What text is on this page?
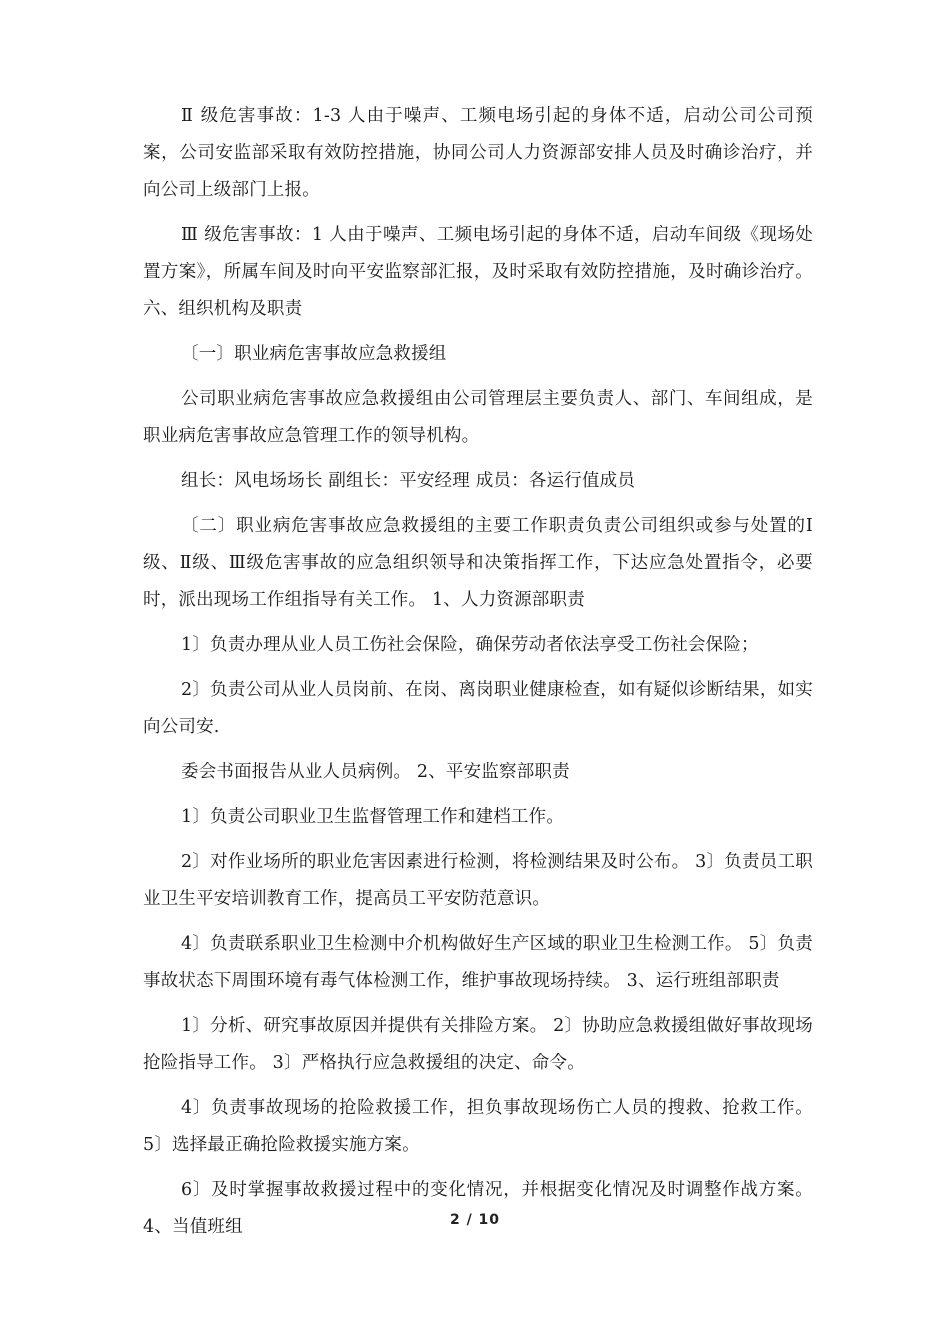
Ⅱ 级危害事故：1-3 人由于噪声、工频电场引起的身体不适，启动公司公司预案，公司安监部采取有效防控措施，协同公司人力资源部安排人员及时确诊治疗，并向公司上级部门上报。

Ⅲ 级危害事故：1 人由于噪声、工频电场引起的身体不适，启动车间级《现场处置方案》，所属车间及时向平安监察部汇报，及时采取有效防控措施，及时确诊治疗。 六、组织机构及职责

〔一〕职业病危害事故应急救援组

公司职业病危害事故应急救援组由公司管理层主要负责人、部门、车间组成，是职业病危害事故应急管理工作的领导机构。

组长：风电场场长 副组长：平安经理 成员：各运行值成员

〔二〕职业病危害事故应急救援组的主要工作职责负责公司组织或参与处置的Ⅰ级、Ⅱ级、Ⅲ级危害事故的应急组织领导和决策指挥工作，下达应急处置指令，必要时，派出现场工作组指导有关工作。 1、人力资源部职责

1〕负责办理从业人员工伤社会保险，确保劳动者依法享受工伤社会保险；

2〕负责公司从业人员岗前、在岗、离岗职业健康检查，如有疑似诊断结果，如实向公司安.

委会书面报告从业人员病例。 2、平安监察部职责

1〕负责公司职业卫生监督管理工作和建档工作。

2〕对作业场所的职业危害因素进行检测，将检测结果及时公布。 3〕负责员工职业卫生平安培训教育工作，提高员工平安防范意识。

4〕负责联系职业卫生检测中介机构做好生产区域的职业卫生检测工作。 5〕负责事故状态下周围环境有毒气体检测工作，维护事故现场持续。 3、运行班组部职责

1〕分析、研究事故原因并提供有关排险方案。 2〕协助应急救援组做好事故现场抢险指导工作。 3〕严格执行应急救援组的决定、命令。

4〕负责事故现场的抢险救援工作，担负事故现场伤亡人员的搜救、抢救工作。 5〕选择最正确抢险救援实施方案。

6〕及时掌握事故救援过程中的变化情况，并根据变化情况及时调整作战方案。 4、当值班组	2 / 10
